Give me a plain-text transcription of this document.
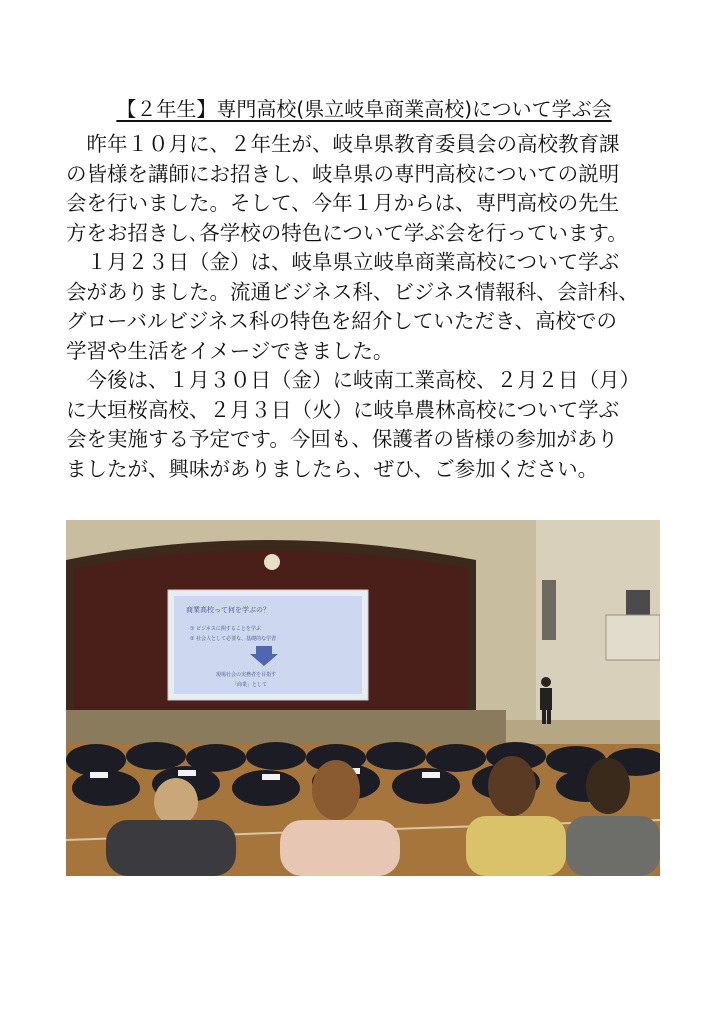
【２年生】専門高校(県立岐阜商業高校)について学ぶ会
　昨年１０月に、２年生が、岐阜県教育委員会の高校教育課
の皆様を講師にお招きし、岐阜県の専門高校についての説明
会を行いました。そして、今年１月からは、専門高校の先生
方をお招きし､各学校の特色について学ぶ会を行っています。
　１月２３日（金）は、岐阜県立岐阜商業高校について学ぶ
会がありました。流通ビジネス科、ビジネス情報科、会計科、
グローバルビジネス科の特色を紹介していただき、高校での
学習や生活をイメージできました。
　今後は、１月３０日（金）に岐南工業高校、２月２日（月）
に大垣桜高校、２月３日（火）に岐阜農林高校について学ぶ
会を実施する予定です。今回も、保護者の皆様の参加があり
ましたが、興味がありましたら、ぜひ、ご参加ください。
商業高校って何を学ぶの？
① ビジネスに関することを学ぶ
② 社会人として必要な、基礎的な学習
現場社会の実務者を目指す
「商業」として
